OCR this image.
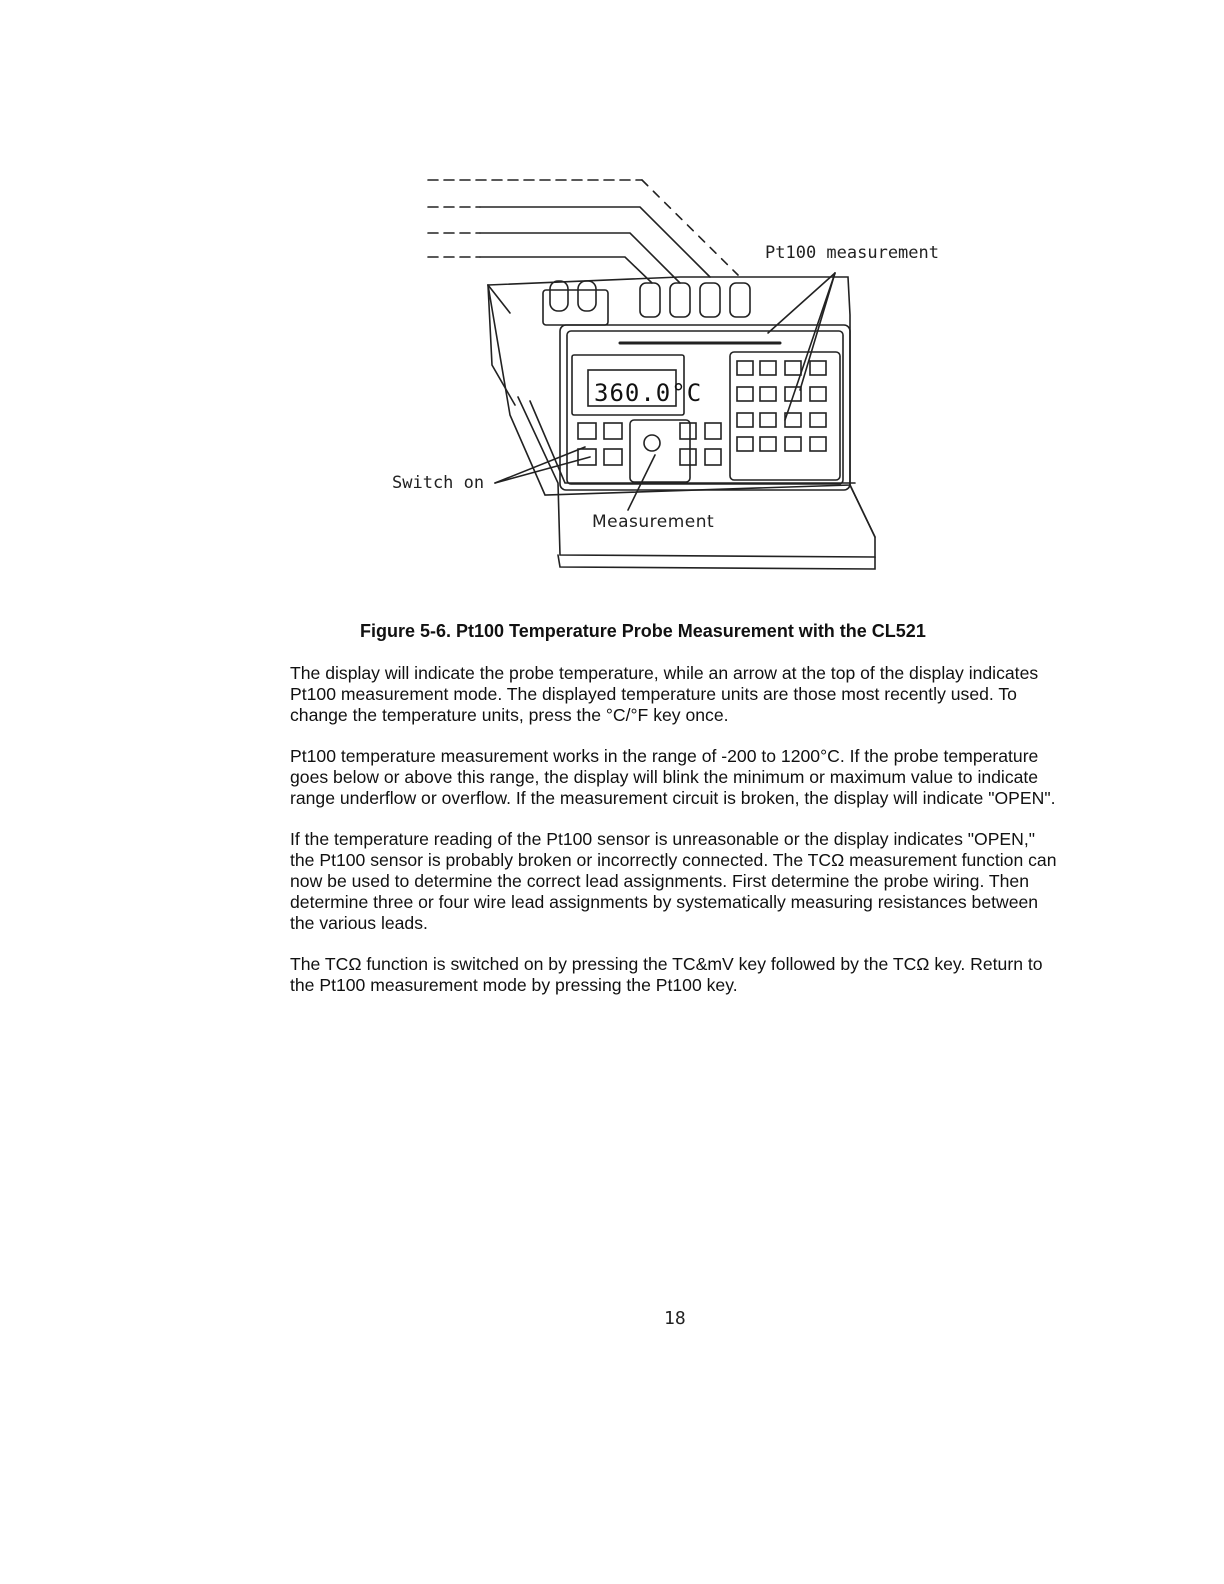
360.0°C
Pt100 measurement
Switch on
Measurement
Figure 5-6. Pt100 Temperature Probe Measurement with the CL521

The display will indicate the probe temperature, while an arrow at the top of the display indicates Pt100 measurement mode. The displayed temperature units are those most recently used. To change the temperature units, press the °C/°F key once.

Pt100 temperature measurement works in the range of -200 to 1200°C. If the probe temperature goes below or above this range, the display will blink the minimum or maximum value to indicate range underflow or overflow. If the measurement circuit is broken, the display will indicate "OPEN".

If the temperature reading of the Pt100 sensor is unreasonable or the display indicates "OPEN," the Pt100 sensor is probably broken or incorrectly connected. The TCΩ measurement function can now be used to determine the correct lead assignments. First determine the probe wiring. Then determine three or four wire lead assignments by systematically measuring resistances between the various leads.

The TCΩ function is switched on by pressing the TC&mV key followed by the TCΩ key. Return to the Pt100 measurement mode by pressing the Pt100 key.

18
